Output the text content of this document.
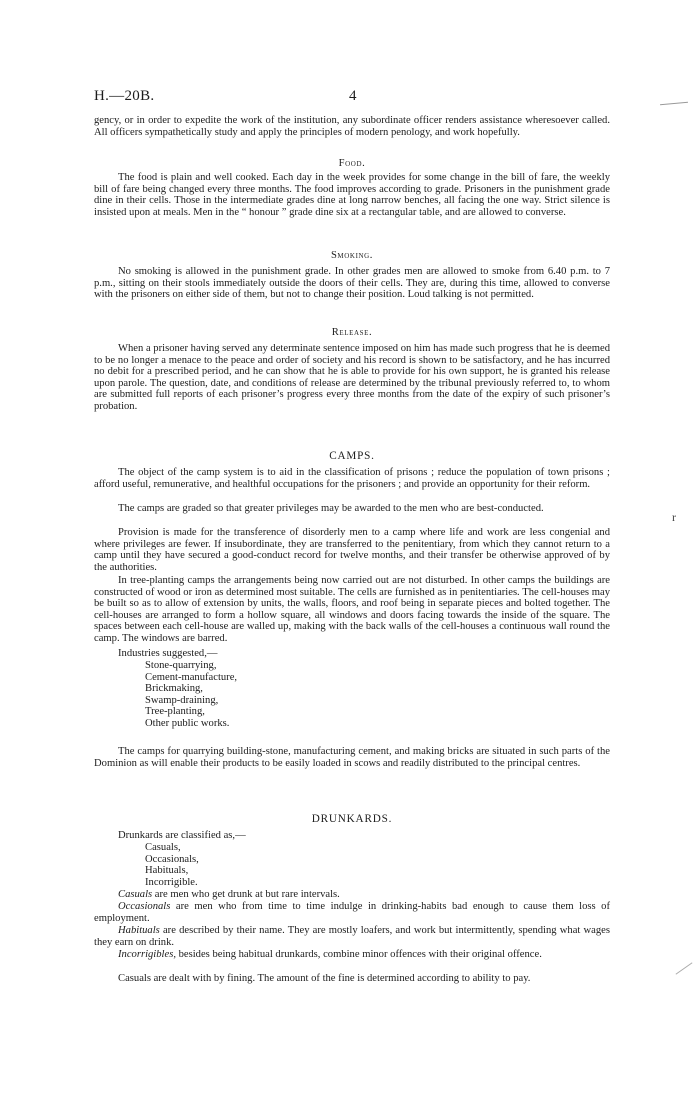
H.—20B.	4

gency, or in order to expedite the work of the institution, any subordinate officer renders assistance wheresoever called. All officers sympathetically study and apply the principles of modern penology, and work hopefully.

Food.

The food is plain and well cooked. Each day in the week provides for some change in the bill of fare, the weekly bill of fare being changed every three months. The food improves according to grade. Prisoners in the punishment grade dine in their cells. Those in the intermediate grades dine at long narrow benches, all facing the one way. Strict silence is insisted upon at meals. Men in the “ honour ” grade dine six at a rectangular table, and are allowed to converse.

Smoking.

No smoking is allowed in the punishment grade. In other grades men are allowed to smoke from 6.40 p.m. to 7 p.m., sitting on their stools immediately outside the doors of their cells. They are, during this time, allowed to converse with the prisoners on either side of them, but not to change their position. Loud talking is not permitted.

Release.

When a prisoner having served any determinate sentence imposed on him has made such progress that he is deemed to be no longer a menace to the peace and order of society and his record is shown to be satisfactory, and he has incurred no debit for a prescribed period, and he can show that he is able to provide for his own support, he is granted his release upon parole. The question, date, and conditions of release are determined by the tribunal previously referred to, to whom are submitted full reports of each prisoner’s progress every three months from the date of the expiry of such prisoner’s probation.

CAMPS.

The object of the camp system is to aid in the classification of prisons ; reduce the population of town prisons ; afford useful, remunerative, and healthful occupations for the prisoners ; and provide an opportunity for their reform.

The camps are graded so that greater privileges may be awarded to the men who are best-conducted.

Provision is made for the transference of disorderly men to a camp where life and work are less congenial and where privileges are fewer. If insubordinate, they are transferred to the penitentiary, from which they cannot return to a camp until they have secured a good-conduct record for twelve months, and their transfer be otherwise approved of by the authorities.

In tree-planting camps the arrangements being now carried out are not disturbed. In other camps the buildings are constructed of wood or iron as determined most suitable. The cells are furnished as in penitentiaries. The cell-houses may be built so as to allow of extension by units, the walls, floors, and roof being in separate pieces and bolted together. The cell-houses are arranged to form a hollow square, all windows and doors facing towards the inside of the square. The spaces between each cell-house are walled up, making with the back walls of the cell-houses a continuous wall round the camp. The windows are barred.

Industries suggested,—

Stone-quarrying,
Cement-manufacture,
Brickmaking,
Swamp-draining,
Tree-planting,
Other public works.

The camps for quarrying building-stone, manufacturing cement, and making bricks are situated in such parts of the Dominion as will enable their products to be easily loaded in scows and readily distributed to the principal centres.

DRUNKARDS.

Drunkards are classified as,—

Casuals,
Occasionals,
Habituals,
Incorrigible.

Casuals are men who get drunk at but rare intervals.

Occasionals are men who from time to time indulge in drinking-habits bad enough to cause them loss of employment.

Habituals are described by their name. They are mostly loafers, and work but intermittently, spending what wages they earn on drink.

Incorrigibles, besides being habitual drunkards, combine minor offences with their original offence.

Casuals are dealt with by fining. The amount of the fine is determined according to ability to pay.

r
